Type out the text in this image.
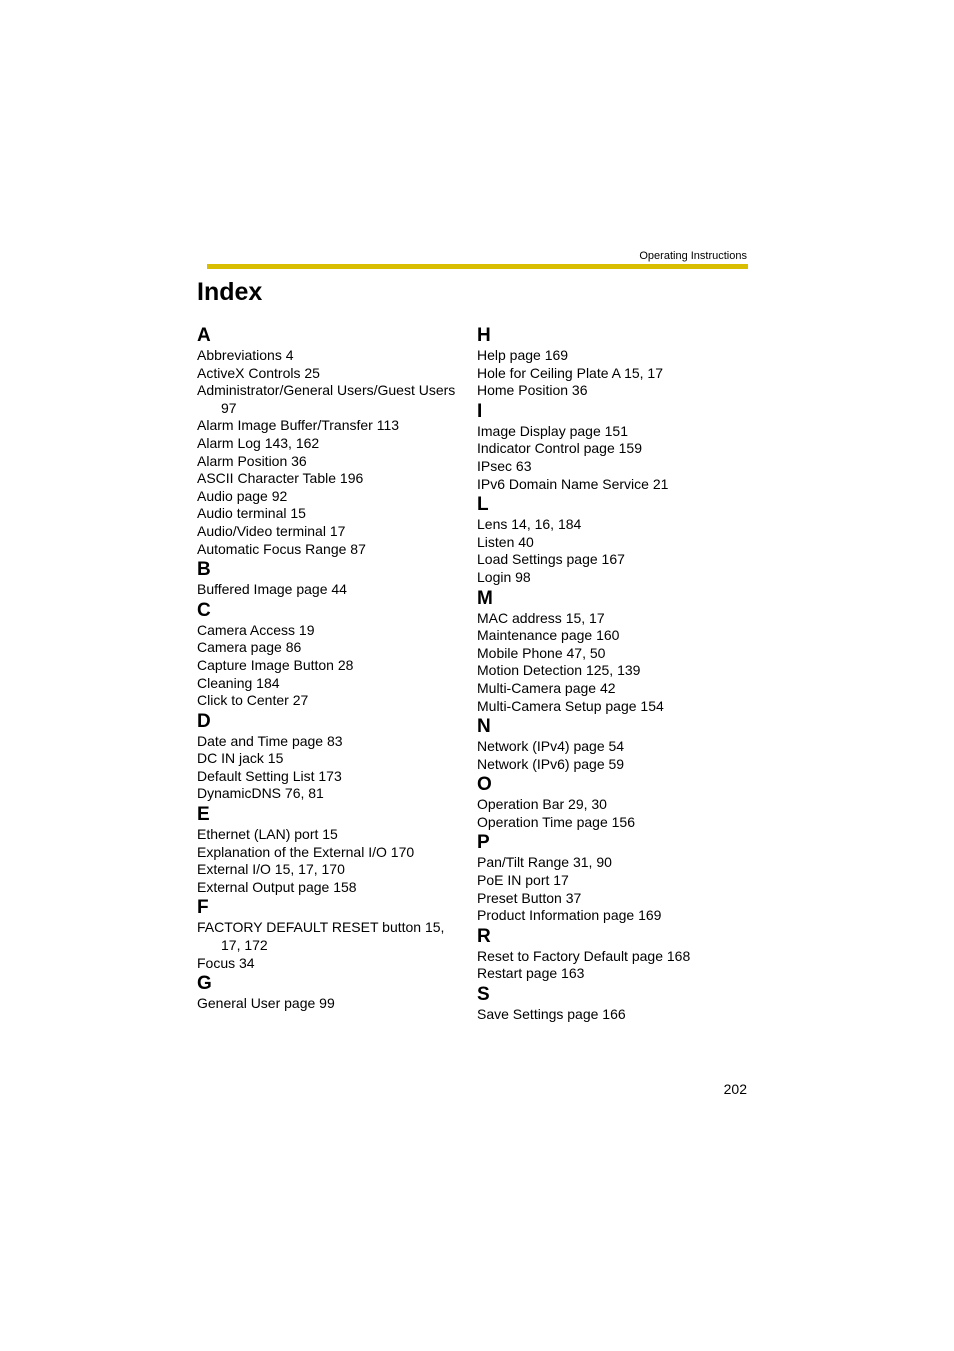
Operating Instructions
Index
A
Abbreviations 4
ActiveX Controls 25
Administrator/General Users/Guest Users 97
Alarm Image Buffer/Transfer 113
Alarm Log 143, 162
Alarm Position 36
ASCII Character Table 196
Audio page 92
Audio terminal 15
Audio/Video terminal 17
Automatic Focus Range 87
B
Buffered Image page 44
C
Camera Access 19
Camera page 86
Capture Image Button 28
Cleaning 184
Click to Center 27
D
Date and Time page 83
DC IN jack 15
Default Setting List 173
DynamicDNS 76, 81
E
Ethernet (LAN) port 15
Explanation of the External I/O 170
External I/O 15, 17, 170
External Output page 158
F
FACTORY DEFAULT RESET button 15, 17, 172
Focus 34
G
General User page 99
H
Help page 169
Hole for Ceiling Plate A 15, 17
Home Position 36
I
Image Display page 151
Indicator Control page 159
IPsec 63
IPv6 Domain Name Service 21
L
Lens 14, 16, 184
Listen 40
Load Settings page 167
Login 98
M
MAC address 15, 17
Maintenance page 160
Mobile Phone 47, 50
Motion Detection 125, 139
Multi-Camera page 42
Multi-Camera Setup page 154
N
Network (IPv4) page 54
Network (IPv6) page 59
O
Operation Bar 29, 30
Operation Time page 156
P
Pan/Tilt Range 31, 90
PoE IN port 17
Preset Button 37
Product Information page 169
R
Reset to Factory Default page 168
Restart page 163
S
Save Settings page 166
202
